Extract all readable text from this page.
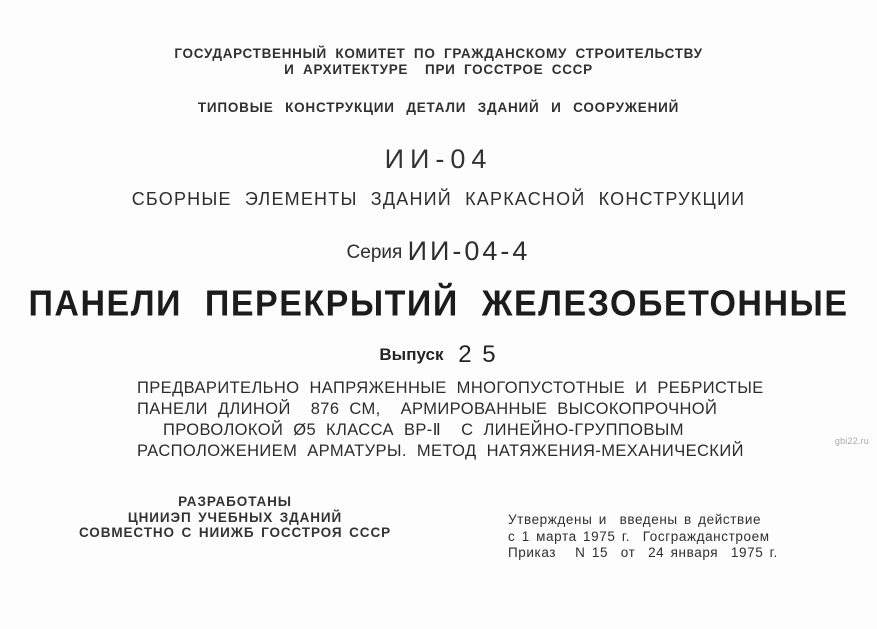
ГОСУДАРСТВЕННЫЙ КОМИТЕТ ПО ГРАЖДАНСКОМУ СТРОИТЕЛЬСТВУ
И АРХИТЕКТУРЕ  ПРИ ГОССТРОЕ СССР
ТИПОВЫЕ КОНСТРУКЦИИ ДЕТАЛИ ЗДАНИЙ И СООРУЖЕНИЙ
ИИ-04
СБОРНЫЕ ЭЛЕМЕНТЫ ЗДАНИЙ КАРКАСНОЙ КОНСТРУКЦИИ
Серия ИИ-04-4
ПАНЕЛИ ПЕРЕКРЫТИЙ ЖЕЛЕЗОБЕТОННЫЕ
Выпуск 2 5
ПРЕДВАРИТЕЛЬНО НАПРЯЖЕННЫЕ МНОГОПУСТОТНЫЕ И РЕБРИСТЫЕ
ПАНЕЛИ ДЛИНОЙ  876 СМ,  АРМИРОВАННЫЕ ВЫСОКОПРОЧНОЙ
ПРОВОЛОКОЙ Ø5 КЛАССА ВР-Ⅱ  С ЛИНЕЙНО-ГРУППОВЫМ
РАСПОЛОЖЕНИЕМ АРМАТУРЫ. МЕТОД НАТЯЖЕНИЯ-МЕХАНИЧЕСКИЙ
РАЗРАБОТАНЫ
ЦНИИЭП УЧЕБНЫХ ЗДАНИЙ
СОВМЕСТНО С НИИЖБ ГОССТРОЯ СССР
Утверждены и  введены в действие
с 1 марта 1975 г.  Госгражданстроем
Приказ   N 15  от  24 января  1975 г.
gbi22.ru
